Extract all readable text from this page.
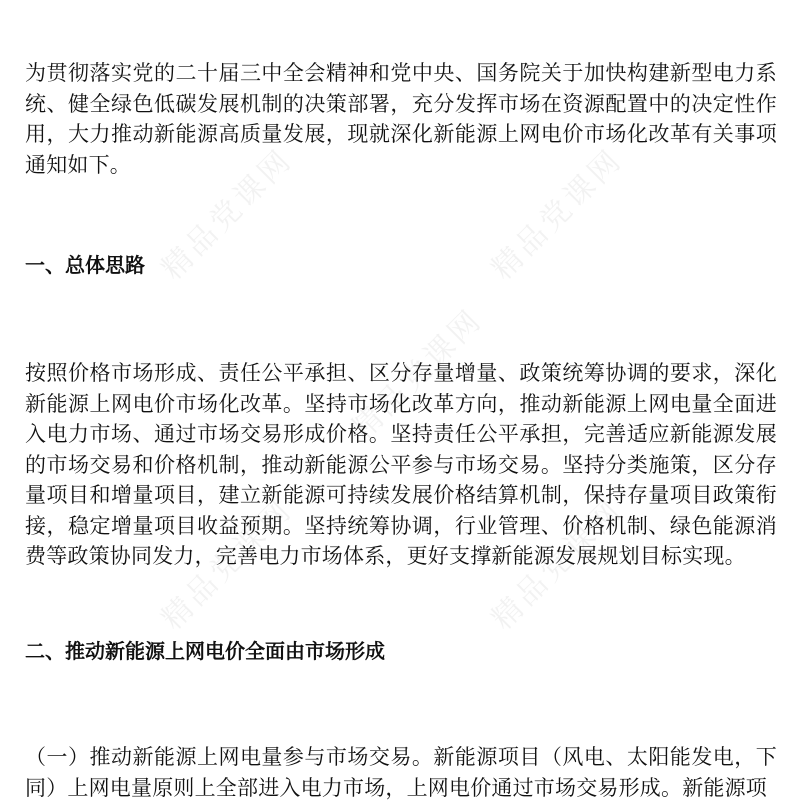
精品党课网	精品党课网
精品党课网
精品党课网	精品党课网

为贯彻落实党的二十届三中全会精神和党中央、国务院关于加快构建新型电力系统、健全绿色低碳发展机制的决策部署，充分发挥市场在资源配置中的决定性作用，大力推动新能源高质量发展，现就深化新能源上网电价市场化改革有关事项通知如下。

一、总体思路

按照价格市场形成、责任公平承担、区分存量增量、政策统筹协调的要求，深化新能源上网电价市场化改革。坚持市场化改革方向，推动新能源上网电量全面进入电力市场、通过市场交易形成价格。坚持责任公平承担，完善适应新能源发展的市场交易和价格机制，推动新能源公平参与市场交易。坚持分类施策，区分存量项目和增量项目，建立新能源可持续发展价格结算机制，保持存量项目政策衔接，稳定增量项目收益预期。坚持统筹协调，行业管理、价格机制、绿色能源消费等政策协同发力，完善电力市场体系，更好支撑新能源发展规划目标实现。

二、推动新能源上网电价全面由市场形成

（一）推动新能源上网电量参与市场交易。新能源项目（风电、太阳能发电，下同）上网电量原则上全部进入电力市场，上网电价通过市场交易形成。新能源项
